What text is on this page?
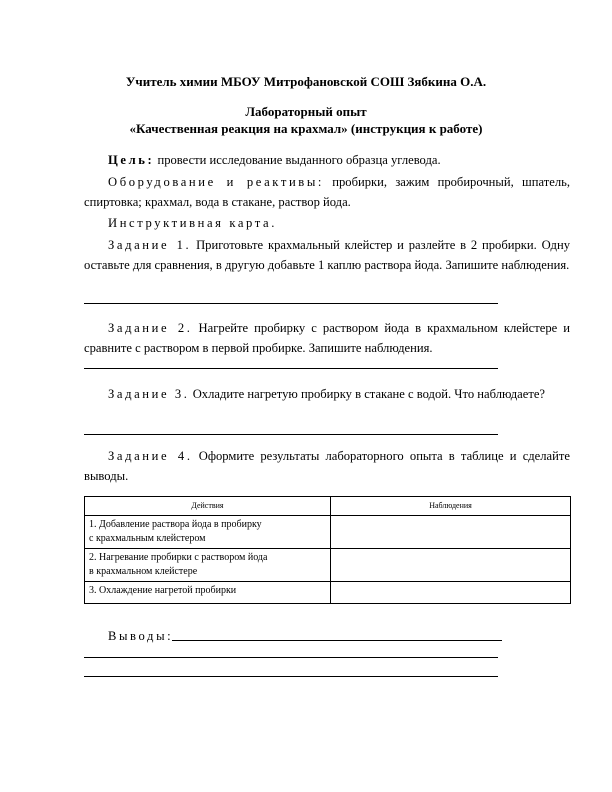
Учитель химии МБОУ Митрофановской СОШ Зябкина О.А.
Лабораторный опыт
«Качественная реакция на крахмал» (инструкция к работе)
Цель: провести исследование выданного образца углевода.
Оборудование и реактивы: пробирки, зажим пробирочный, шпатель, спиртовка; крахмал, вода в стакане, раствор йода.
Инструктивная карта.
Задание 1. Приготовьте крахмальный клейстер и разлейте в 2 пробирки. Одну оставьте для сравнения, в другую добавьте 1 каплю раствора йода. Запишите наблюдения.
Задание 2. Нагрейте пробирку с раствором йода в крахмальном клейстере и сравните с раствором в первой пробирке. Запишите наблюдения.
Задание 3. Охладите нагретую пробирку в стакане с водой. Что наблюдаете?
Задание 4. Оформите результаты лабораторного опыта в таблице и сделайте выводы.
Действия	Наблюдения

1. Добавление раствора йода в пробирку
с крахмальным клейстером	

2. Нагревание пробирки с раствором йода
в крахмальном клейстере	

3. Охлаждение нагретой пробирки	

Выводы:
